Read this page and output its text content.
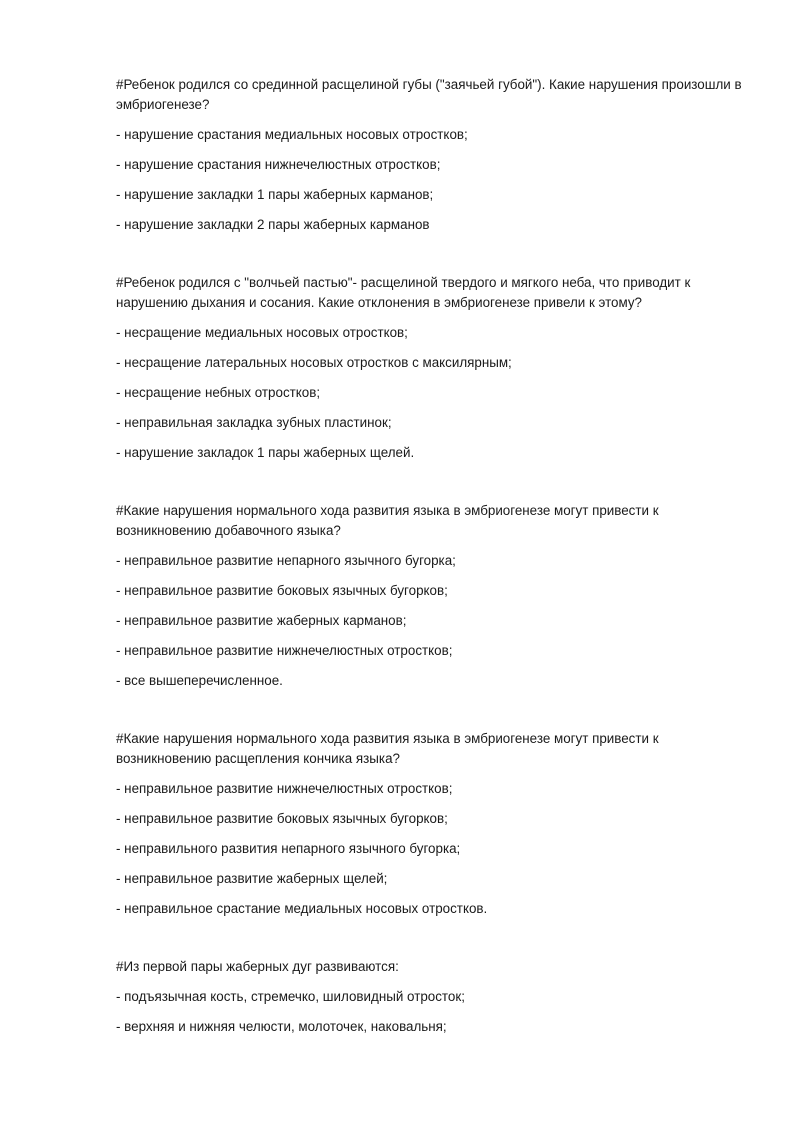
#Ребенок родился со срединной расщелиной губы ("заячьей губой"). Какие нарушения произошли в эмбриогенезе?

- нарушение срастания медиальных носовых отростков;

- нарушение срастания нижнечелюстных отростков;

- нарушение закладки 1 пары жаберных карманов;

- нарушение закладки 2 пары жаберных карманов

#Ребенок родился с "волчьей пастью"- расщелиной твердого и мягкого неба, что приводит к нарушению дыхания и сосания. Какие отклонения в эмбриогенезе привели к этому?

- несращение медиальных носовых отростков;

- несращение латеральных носовых отростков с максилярным;

- несращение небных отростков;

- неправильная закладка зубных пластинок;

- нарушение закладок 1 пары жаберных щелей.

#Какие нарушения нормального хода развития языка в эмбриогенезе могут привести к возникновению добавочного языка?

- неправильное развитие непарного язычного бугорка;

- неправильное развитие боковых язычных бугорков;

- неправильное развитие жаберных карманов;

- неправильное развитие нижнечелюстных отростков;

- все вышеперечисленное.

#Какие нарушения нормального хода развития языка в эмбриогенезе могут привести к возникновению расщепления кончика языка?

- неправильное развитие нижнечелюстных отростков;

- неправильное развитие боковых язычных бугорков;

- неправильного развития непарного язычного бугорка;

- неправильное развитие жаберных щелей;

- неправильное срастание медиальных носовых отростков.

#Из первой пары жаберных дуг развиваются:

- подъязычная кость, стремечко, шиловидный отросток;

- верхняя и нижняя челюсти, молоточек, наковальня;
